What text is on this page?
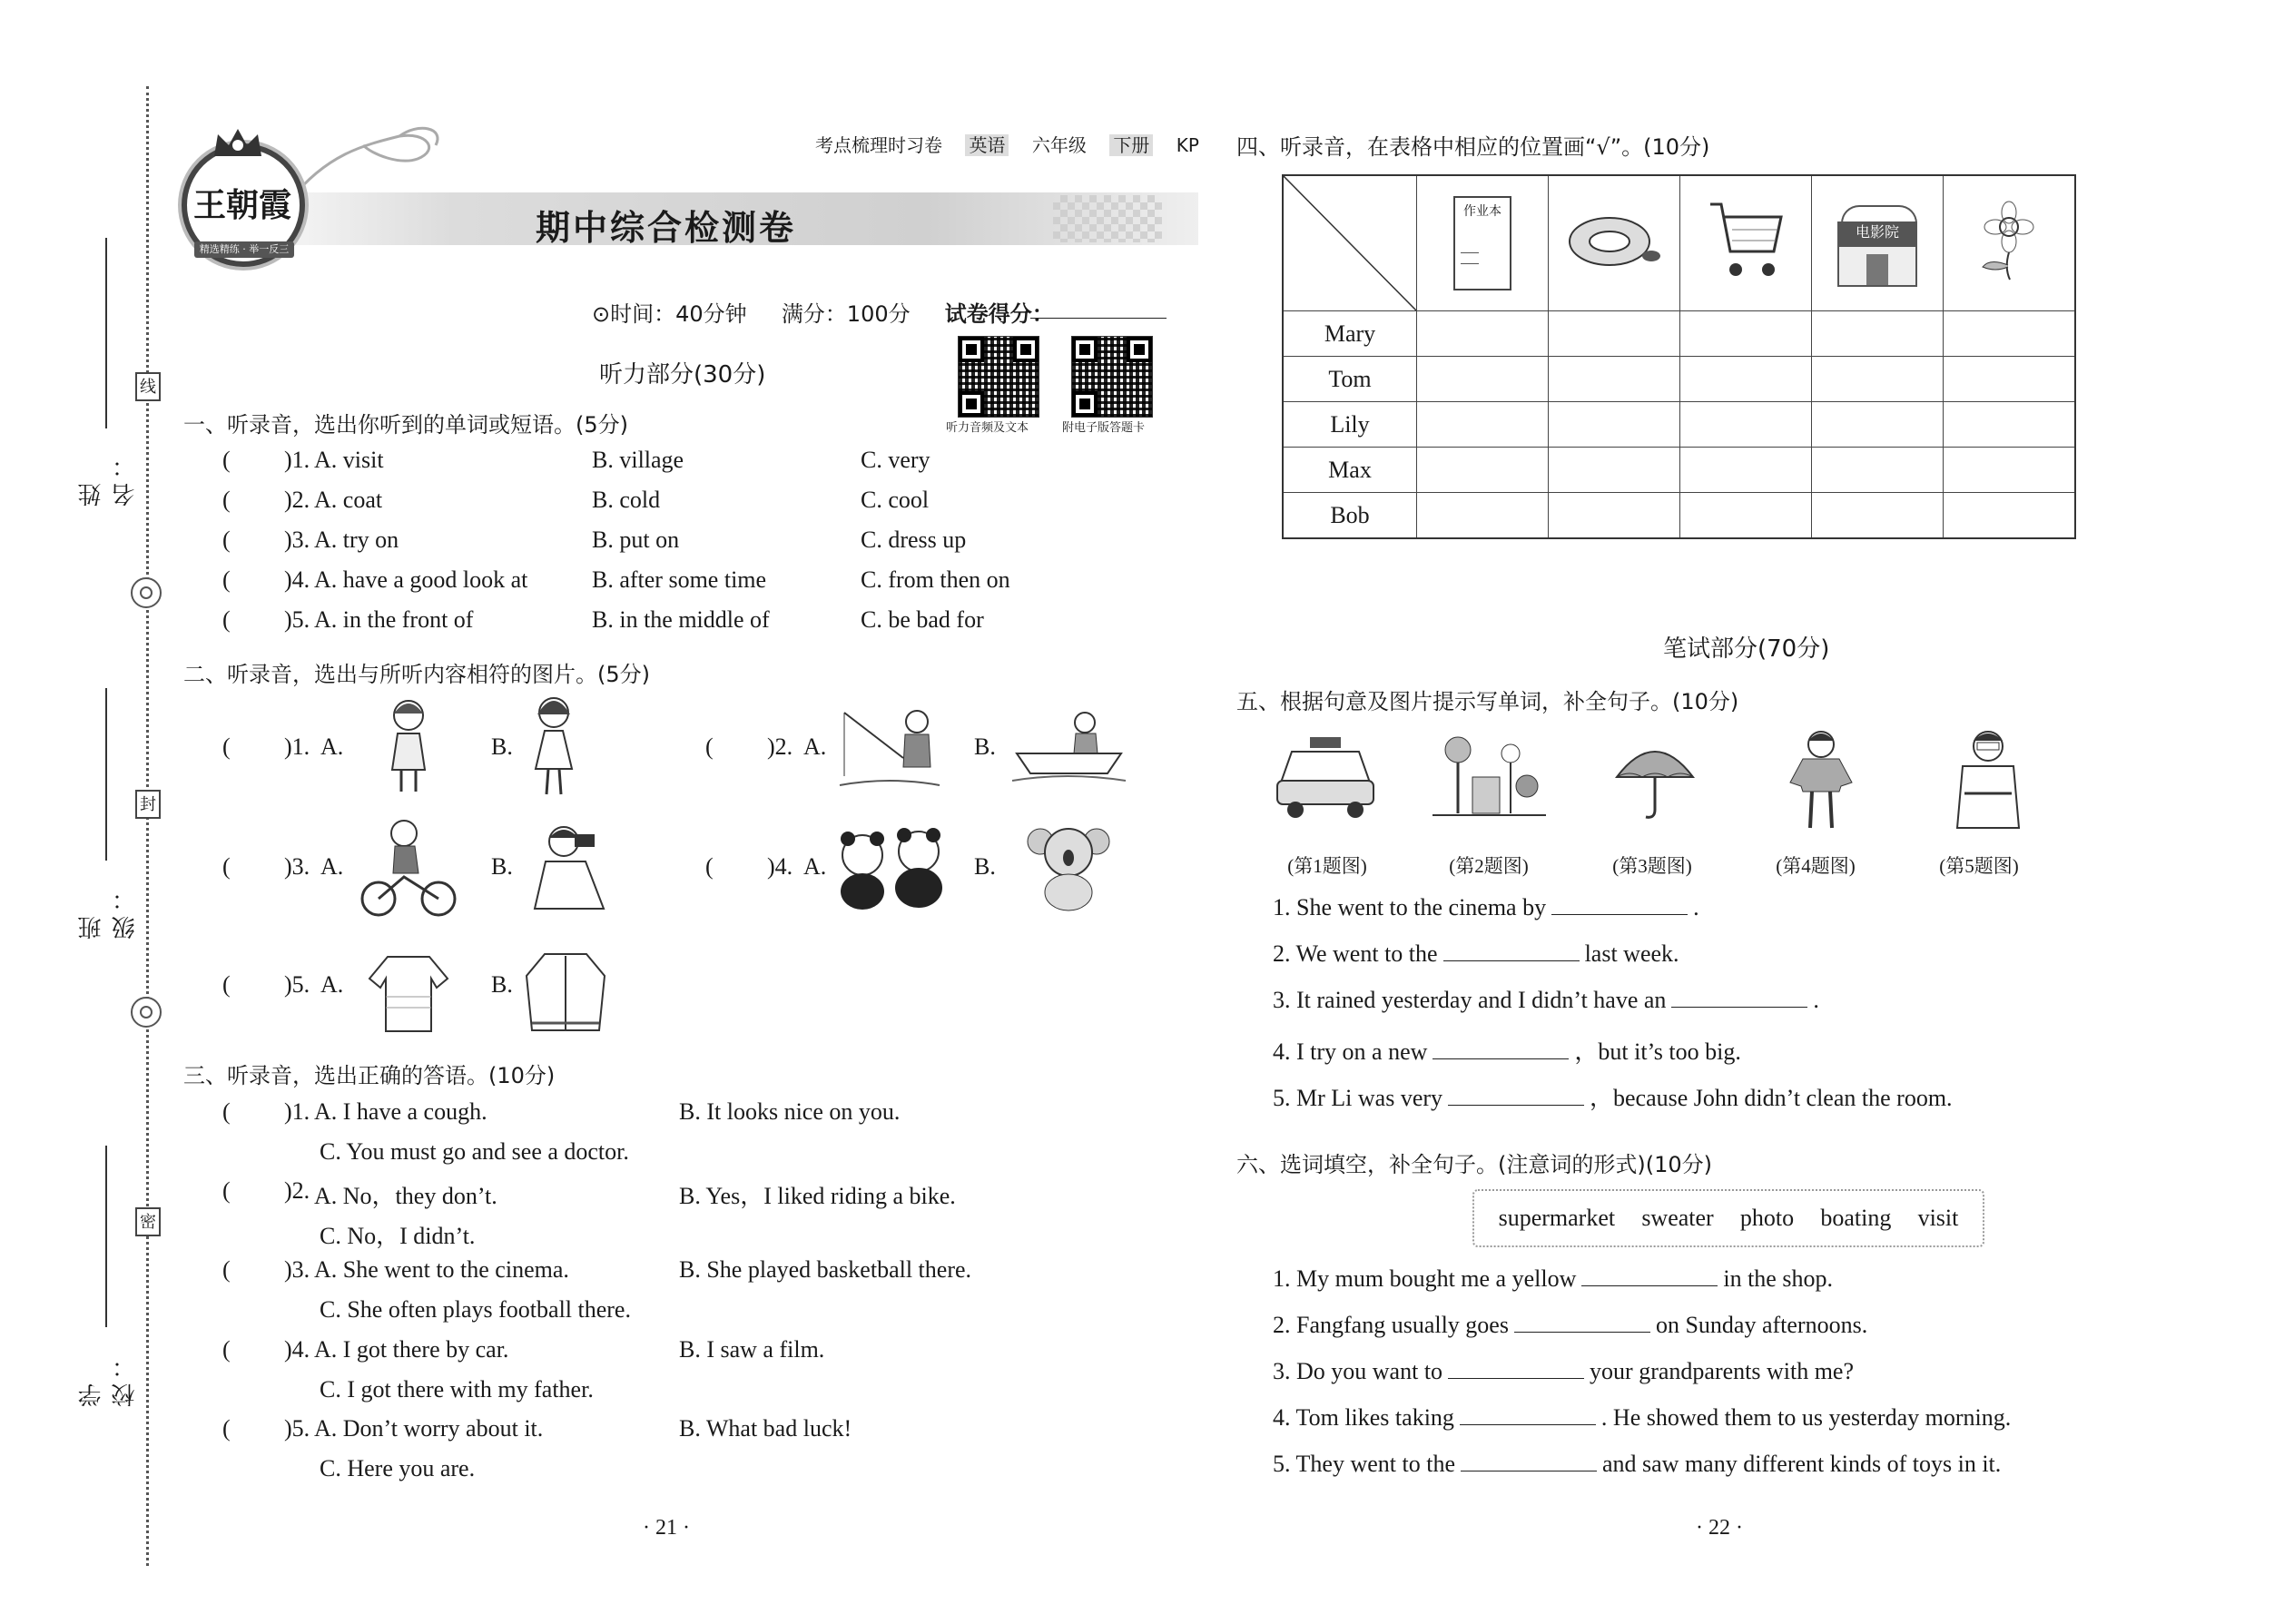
线
封
密
姓名：
班级：
学校：
考点梳理时习卷 英语 六年级 下册 KP
期中综合检测卷
王朝霞
精选精练 · 举一反三
⊙时间：40分钟 满分：100分 试卷得分：
听力音频及文本	附电子版答题卡
听力部分(30分)
一、听录音，选出你听到的单词或短语。(5分)
二、听录音，选出与所听内容相符的图片。(5分)
三、听录音，选出正确的答语。(10分)
· 21 ·
四、听录音，在表格中相应的位置画“√”。(10分)

作业本			电影院

Mary					
Tom					
Lily					
Max					
Bob					
笔试部分(70分)
五、根据句意及图片提示写单词，补全句子。(10分)
六、选词填空，补全句子。(注意词的形式)(10分)
supermarket sweater photo boating visit
· 22 ·
( )1. A. visit	B. village	C. very
( )2. A. coat	B. cold	C. cool
( )3. A. try on	B. put on	C. dress up
( )4. A. have a good look at	B. after some time	C. from then on
( )5. A. in the front of	B. in the middle of	C. be bad for
( )1. A.	B.	( )2. A.	B.
( )3. A.	B.	( )4. A.	B.
( )5. A.	B.
( )1. A. I have a cough.	B. It looks nice on you.
C. You must go and see a doctor.
( )2. A. No，they don’t.	B. Yes，I liked riding a bike.
C. No，I didn’t.
( )3. A. She went to the cinema.	B. She played basketball there.
C. She often plays football there.
( )4. A. I got there by car.	B. I saw a film.
C. I got there with my father.
( )5. A. Don’t worry about it.	B. What bad luck!
C. Here you are.
(第1题图)	(第2题图)	(第3题图)	(第4题图)	(第5题图)
1. She went to the cinema by	.
2. We went to the	last week.
3. It rained yesterday and I didn’t have an	.
4. I try on a new	，but it’s too big.
5. Mr Li was very	，because John didn’t clean the room.
1. My mum bought me a yellow	in the shop.
2. Fangfang usually goes	on Sunday afternoons.
3. Do you want to	your grandparents with me?
4. Tom likes taking	. He showed them to us yesterday morning.
5. They went to the	and saw many different kinds of toys in it.
